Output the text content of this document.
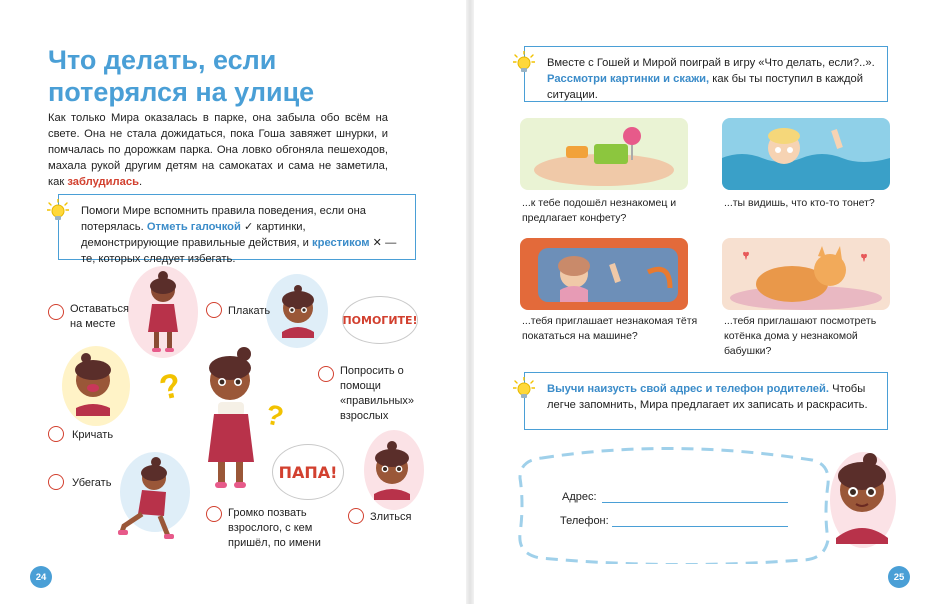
Что делать, если потерялся на улице
Как только Мира оказалась в парке, она забыла обо всём на свете. Она не стала дожидаться, пока Гоша завяжет шнурки, и помчалась по дорожкам парка. Она ловко обгоняла пешеходов, махала рукой другим детям на самокатах и сама не заметила, как заблудилась.
Помоги Мире вспомнить правила поведения, если она потерялась. Отметь галочкой ✓ картинки, демонстрирующие правильные действия, и крестиком ✕ — те, которых следует избегать.
?
?
ПОМОГИТЕ!
ПАПА!
Оставаться на месте
Плакать
Попросить о помощи «правильных» взрослых
Кричать
Убегать
Громко позвать взрослого, с кем пришёл, по имени
Злиться
24
Вместе с Гошей и Мирой поиграй в игру «Что делать, если?..». Рассмотри картинки и скажи, как бы ты поступил в каждой ситуации.
...к тебе подошёл незнакомец и предлагает конфету?
...ты видишь, что кто-то тонет?
...тебя приглашает незнакомая тётя покататься на машине?
...тебя приглашают посмотреть котёнка дома у незнакомой бабушки?
Выучи наизусть свой адрес и телефон родителей. Чтобы легче запомнить, Мира предлагает их записать и раскрасить.
Адрес:
Телефон:
25
